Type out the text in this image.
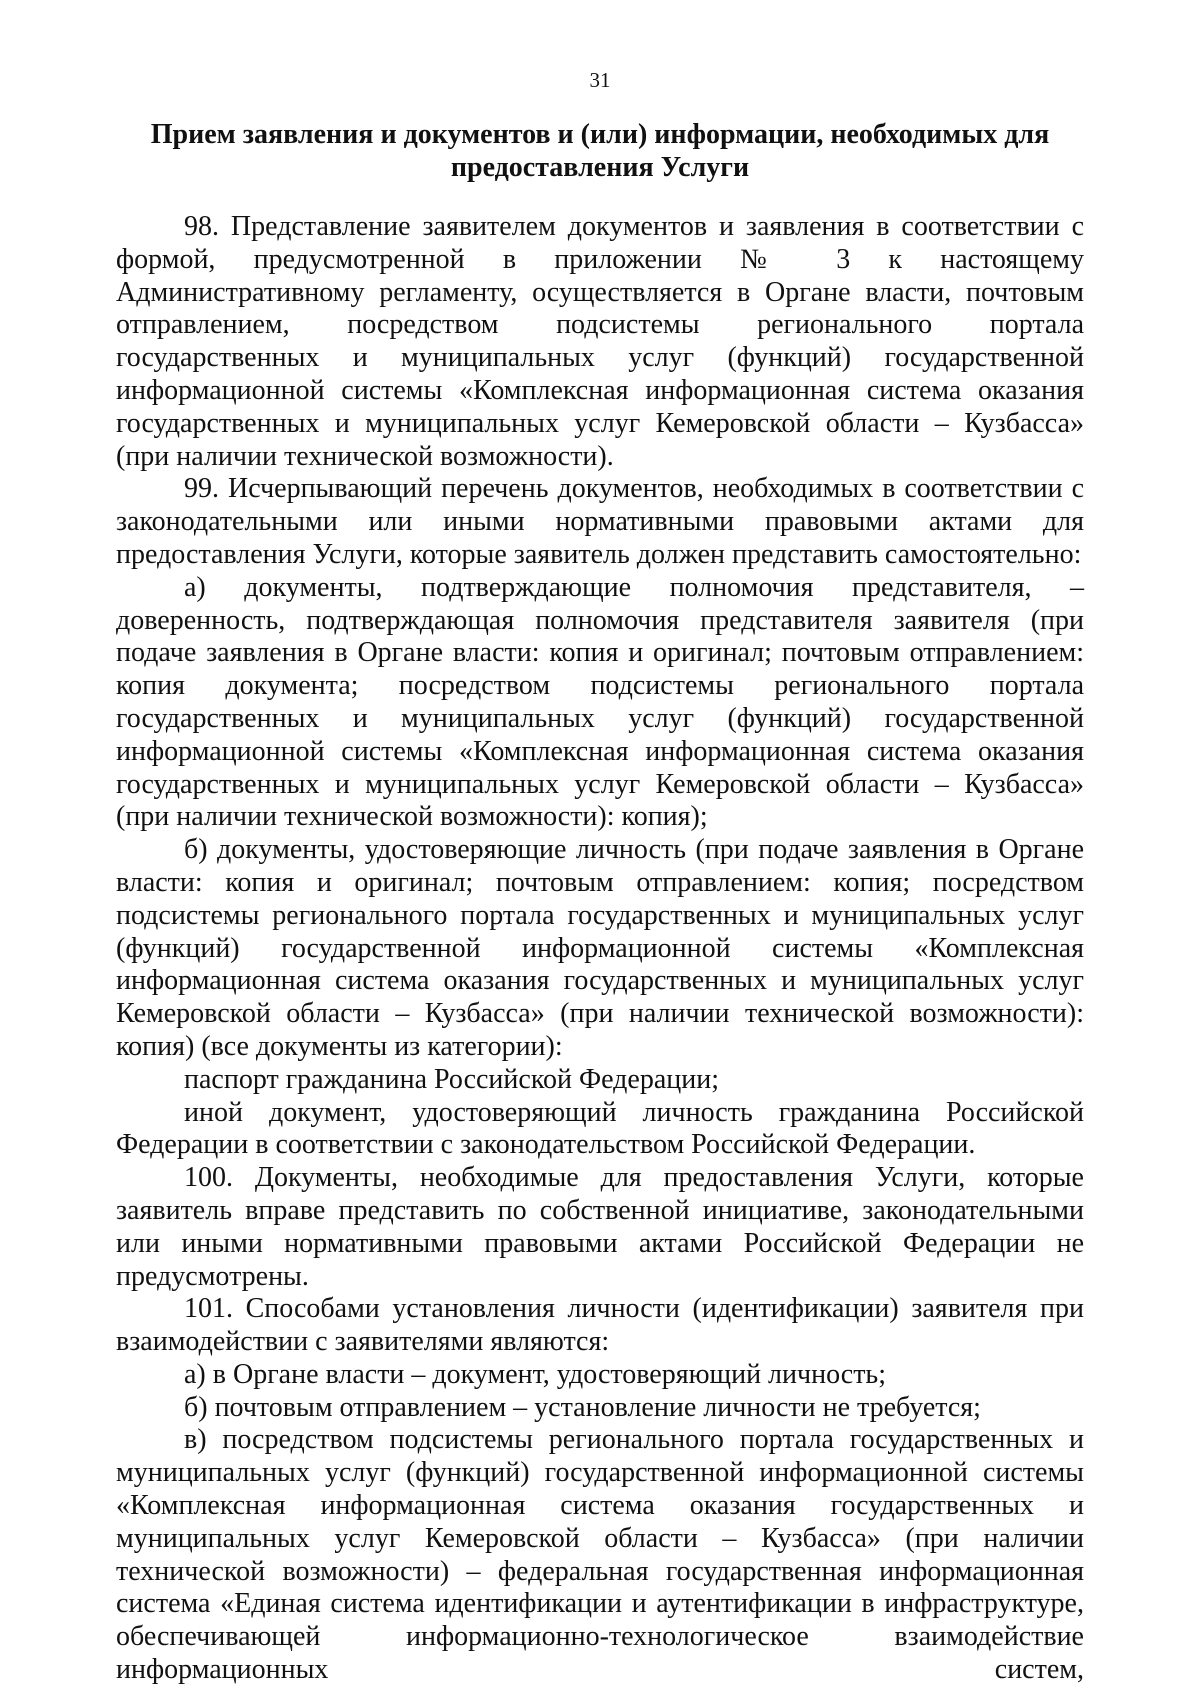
31
Прием заявления и документов и (или) информации, необходимых для
предоставления Услуги

98. Представление заявителем документов и заявления в соответствии с формой, предусмотренной в приложении № 3 к настоящему Административному регламенту, осуществляется в Органе власти, почтовым отправлением, посредством подсистемы регионального портала государственных и муниципальных услуг (функций) государственной информационной системы «Комплексная информационная система оказания государственных и муниципальных услуг Кемеровской области – Кузбасса» (при наличии технической возможности).

99. Исчерпывающий перечень документов, необходимых в соответствии с законодательными или иными нормативными правовыми актами для предоставления Услуги, которые заявитель должен представить самостоятельно:

а) документы, подтверждающие полномочия представителя, – доверенность, подтверждающая полномочия представителя заявителя (при подаче заявления в Органе власти: копия и оригинал; почтовым отправлением: копия документа; посредством подсистемы регионального портала государственных и муниципальных услуг (функций) государственной информационной системы «Комплексная информационная система оказания государственных и муниципальных услуг Кемеровской области – Кузбасса» (при наличии технической возможности): копия);

б) документы, удостоверяющие личность (при подаче заявления в Органе власти: копия и оригинал; почтовым отправлением: копия; посредством подсистемы регионального портала государственных и муниципальных услуг (функций) государственной информационной системы «Комплексная информационная система оказания государственных и муниципальных услуг Кемеровской области – Кузбасса» (при наличии технической возможности): копия) (все документы из категории):

паспорт гражданина Российской Федерации;

иной документ, удостоверяющий личность гражданина Российской Федерации в соответствии с законодательством Российской Федерации.

100. Документы, необходимые для предоставления Услуги, которые заявитель вправе представить по собственной инициативе, законодательными или иными нормативными правовыми актами Российской Федерации не предусмотрены.

101. Способами установления личности (идентификации) заявителя при взаимодействии с заявителями являются:

а) в Органе власти – документ, удостоверяющий личность;

б) почтовым отправлением – установление личности не требуется;

в) посредством подсистемы регионального портала государственных и муниципальных услуг (функций) государственной информационной системы «Комплексная информационная система оказания государственных и муниципальных услуг Кемеровской области – Кузбасса» (при наличии технической возможности) – федеральная государственная информационная система «Единая система идентификации и аутентификации в инфраструктуре, обеспечивающей информационно-технологическое взаимодействие информационных систем,
